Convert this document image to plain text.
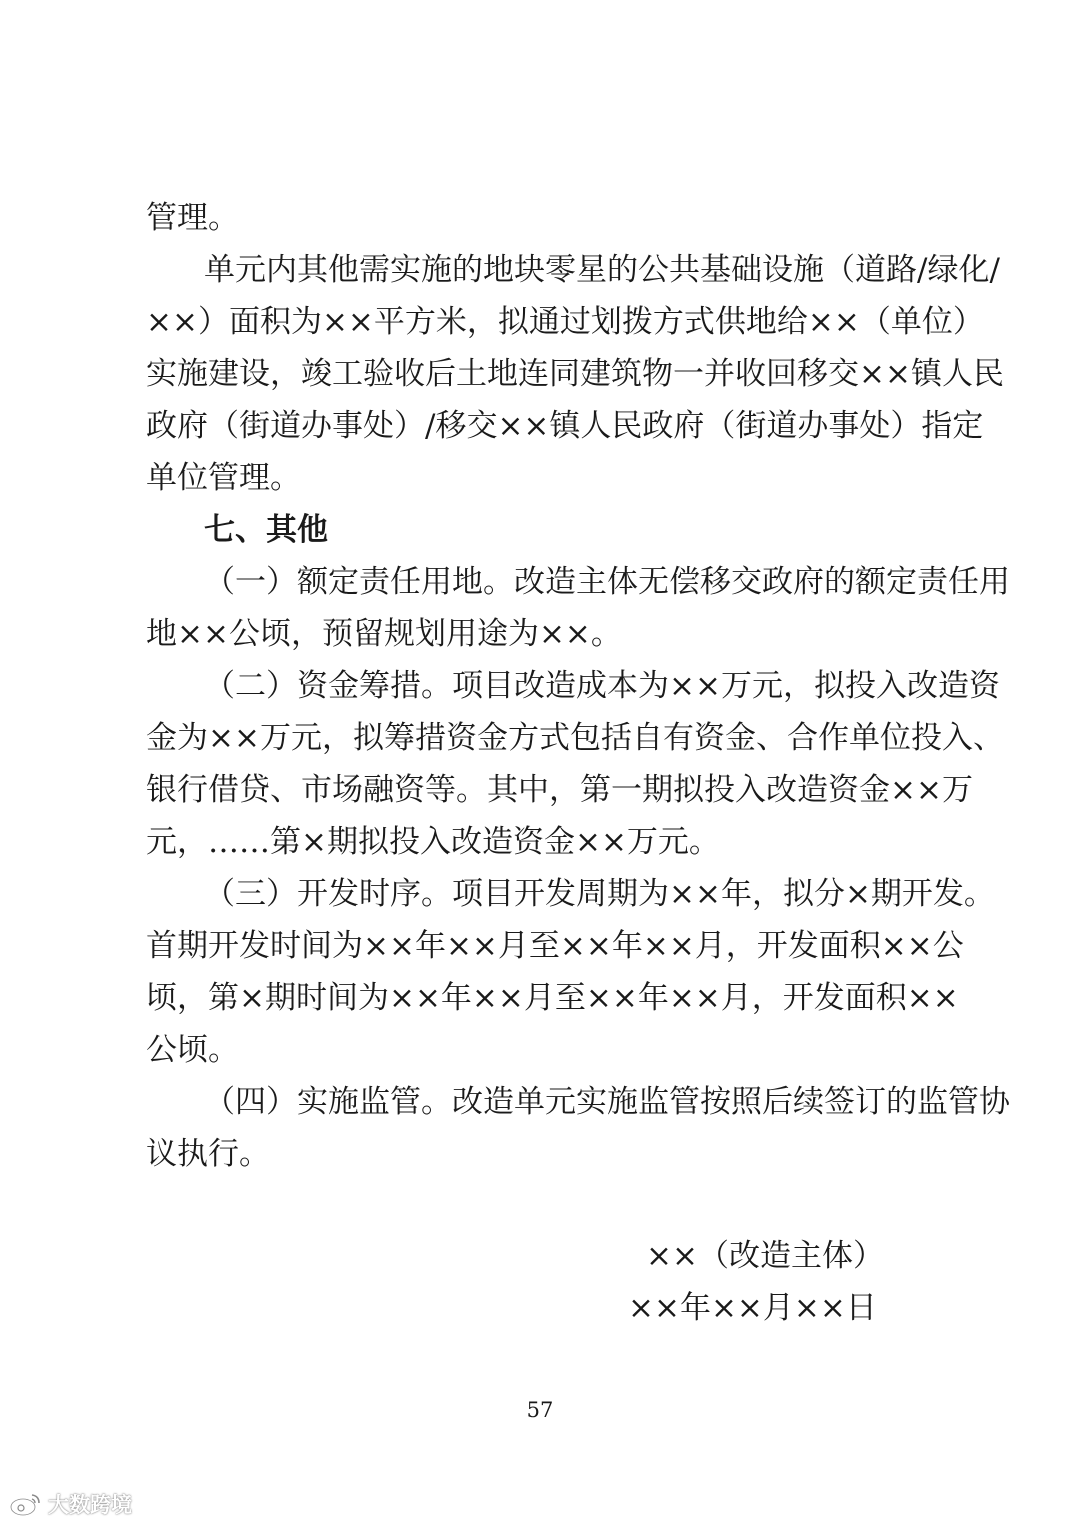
管理。
单元内其他需实施的地块零星的公共基础设施（道路/绿化/
××）面积为××平方米，拟通过划拨方式供地给××（单位）
实施建设，竣工验收后土地连同建筑物一并收回移交××镇人民
政府（街道办事处）/移交××镇人民政府（街道办事处）指定
单位管理。
七、其他
（一）额定责任用地。改造主体无偿移交政府的额定责任用
地××公顷，预留规划用途为××。
（二）资金筹措。项目改造成本为××万元，拟投入改造资
金为××万元，拟筹措资金方式包括自有资金、合作单位投入、
银行借贷、市场融资等。其中，第一期拟投入改造资金××万
元，……第×期拟投入改造资金××万元。
（三）开发时序。项目开发周期为××年，拟分×期开发。
首期开发时间为××年××月至××年××月，开发面积××公
顷，第×期时间为××年××月至××年××月，开发面积××
公顷。
（四）实施监管。改造单元实施监管按照后续签订的监管协
议执行。
××（改造主体）
××年××月××日
57
大数跨境
